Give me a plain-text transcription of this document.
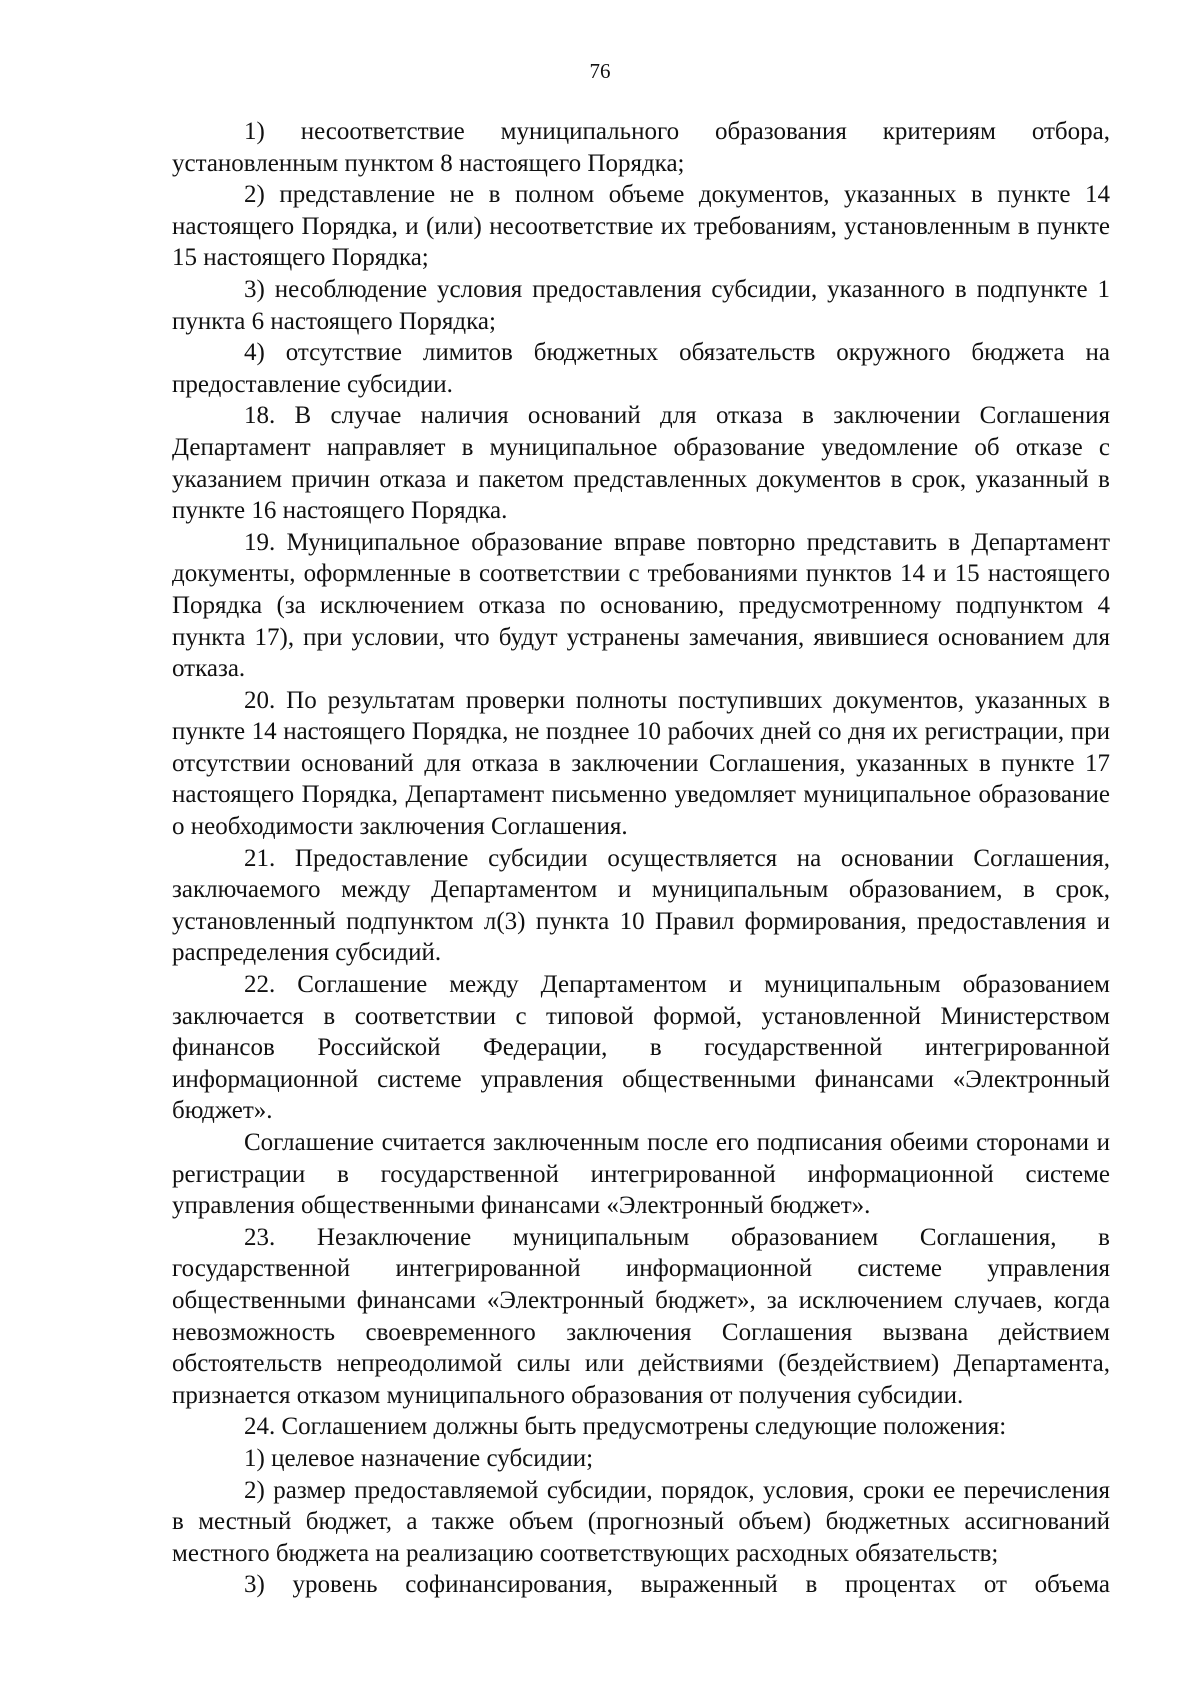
76

1) несоответствие муниципального образования критериям отбора, установленным пунктом 8 настоящего Порядка;

2) представление не в полном объеме документов, указанных в пункте 14 настоящего Порядка, и (или) несоответствие их требованиям, установленным в пункте 15 настоящего Порядка;

3) несоблюдение условия предоставления субсидии, указанного в подпункте 1 пункта 6 настоящего Порядка;

4) отсутствие лимитов бюджетных обязательств окружного бюджета на предоставление субсидии.

18. В случае наличия оснований для отказа в заключении Соглашения Департамент направляет в муниципальное образование уведомление об отказе с указанием причин отказа и пакетом представленных документов в срок, указанный в пункте 16 настоящего Порядка.

19. Муниципальное образование вправе повторно представить в Департамент документы, оформленные в соответствии с требованиями пунктов 14 и 15 настоящего Порядка (за исключением отказа по основанию, предусмотренному подпунктом 4 пункта 17), при условии, что будут устранены замечания, явившиеся основанием для отказа.

20. По результатам проверки полноты поступивших документов, указанных в пункте 14 настоящего Порядка, не позднее 10 рабочих дней со дня их регистрации, при отсутствии оснований для отказа в заключении Соглашения, указанных в пункте 17 настоящего Порядка, Департамент письменно уведомляет муниципальное образование о необходимости заключения Соглашения.

21. Предоставление субсидии осуществляется на основании Соглашения, заключаемого между Департаментом и муниципальным образованием, в срок, установленный подпунктом л(3) пункта 10 Правил формирования, предоставления и распределения субсидий.

22. Соглашение между Департаментом и муниципальным образованием заключается в соответствии с типовой формой, установленной Министерством финансов Российской Федерации, в государственной интегрированной информационной системе управления общественными финансами «Электронный бюджет».

Соглашение считается заключенным после его подписания обеими сторонами и регистрации в государственной интегрированной информационной системе управления общественными финансами «Электронный бюджет».

23. Незаключение муниципальным образованием Соглашения, в государственной интегрированной информационной системе управления общественными финансами «Электронный бюджет», за исключением случаев, когда невозможность своевременного заключения Соглашения вызвана действием обстоятельств непреодолимой силы или действиями (бездействием) Департамента, признается отказом муниципального образования от получения субсидии.

24. Соглашением должны быть предусмотрены следующие положения:

1) целевое назначение субсидии;

2) размер предоставляемой субсидии, порядок, условия, сроки ее перечисления в местный бюджет, а также объем (прогнозный объем) бюджетных ассигнований местного бюджета на реализацию соответствующих расходных обязательств;

3) уровень софинансирования, выраженный в процентах от объема
